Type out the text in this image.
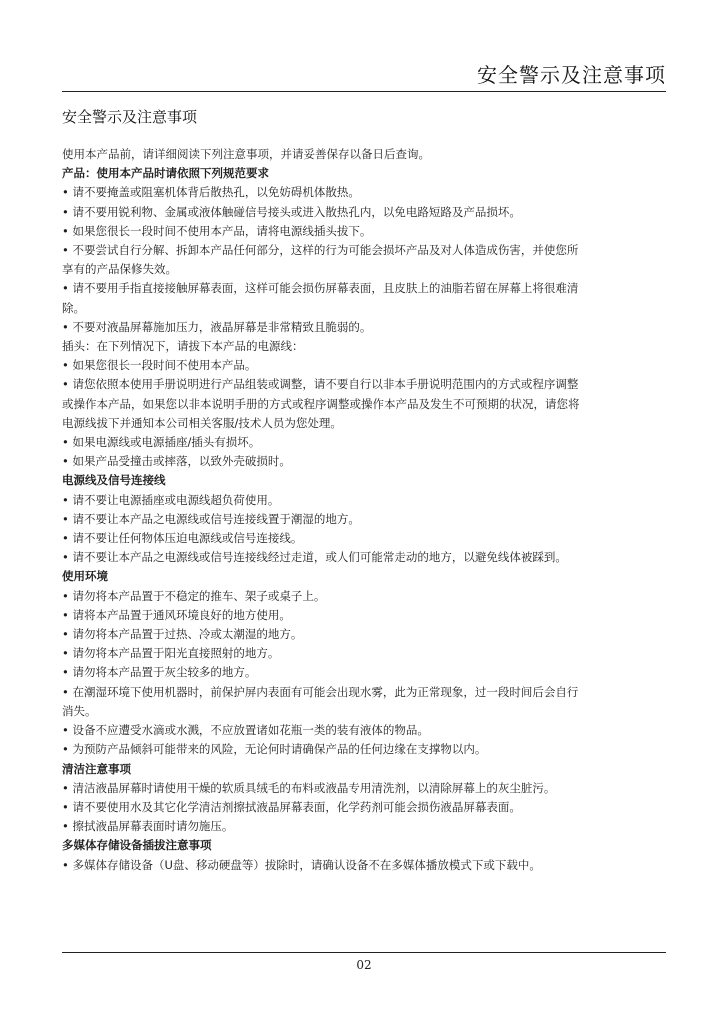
安全警示及注意事项
安全警示及注意事项
使用本产品前，请详细阅读下列注意事项，并请妥善保存以备日后查询。
产品：使用本产品时请依照下列规范要求
• 请不要掩盖或阻塞机体背后散热孔，以免妨碍机体散热。
• 请不要用锐利物、金属或液体触碰信号接头或进入散热孔内，以免电路短路及产品损坏。
• 如果您很长一段时间不使用本产品，请将电源线插头拔下。
• 不要尝试自行分解、拆卸本产品任何部分，这样的行为可能会损坏产品及对人体造成伤害，并使您所
享有的产品保修失效。
• 请不要用手指直接接触屏幕表面，这样可能会损伤屏幕表面，且皮肤上的油脂若留在屏幕上将很难清
除。
• 不要对液晶屏幕施加压力，液晶屏幕是非常精致且脆弱的。
插头：在下列情况下，请拔下本产品的电源线：
• 如果您很长一段时间不使用本产品。
• 请您依照本使用手册说明进行产品组装或调整，请不要自行以非本手册说明范围内的方式或程序调整
或操作本产品，如果您以非本说明手册的方式或程序调整或操作本产品及发生不可预期的状况，请您将
电源线拔下并通知本公司相关客服/技术人员为您处理。
• 如果电源线或电源插座/插头有损坏。
• 如果产品受撞击或摔落，以致外壳破损时。
电源线及信号连接线
• 请不要让电源插座或电源线超负荷使用。
• 请不要让本产品之电源线或信号连接线置于潮湿的地方。
• 请不要让任何物体压迫电源线或信号连接线。
• 请不要让本产品之电源线或信号连接线经过走道，或人们可能常走动的地方，以避免线体被踩到。
使用环境
• 请勿将本产品置于不稳定的推车、架子或桌子上。
• 请将本产品置于通风环境良好的地方使用。
• 请勿将本产品置于过热、冷或太潮湿的地方。
• 请勿将本产品置于阳光直接照射的地方。
• 请勿将本产品置于灰尘较多的地方。
• 在潮湿环境下使用机器时，前保护屏内表面有可能会出现水雾，此为正常现象，过一段时间后会自行
消失。
• 设备不应遭受水滴或水溅，不应放置诸如花瓶一类的装有液体的物品。
• 为预防产品倾斜可能带来的风险，无论何时请确保产品的任何边缘在支撑物以内。
清洁注意事项
• 清洁液晶屏幕时请使用干燥的软质具绒毛的布料或液晶专用清洗剂，以清除屏幕上的灰尘脏污。
• 请不要使用水及其它化学清洁剂擦拭液晶屏幕表面，化学药剂可能会损伤液晶屏幕表面。
• 擦拭液晶屏幕表面时请勿施压。
多媒体存储设备插拔注意事项
• 多媒体存储设备（U盘、移动硬盘等）拔除时，请确认设备不在多媒体播放模式下或下载中。
02
